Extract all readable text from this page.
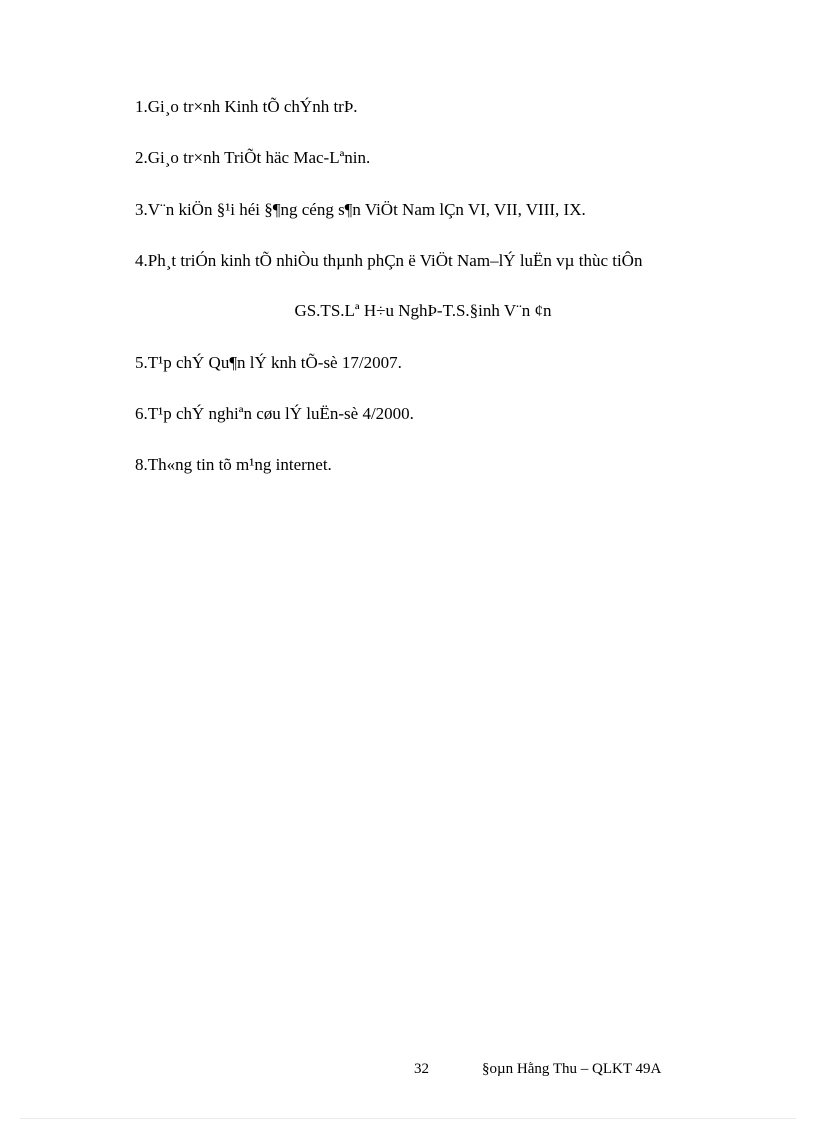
1.Gi¸o tr×nh Kinh tÕ chÝnh trÞ.
2.Gi¸o tr×nh TriÕt häc Mac-Lªnin.
3.V¨n kiÖn §¹i héi §¶ng céng s¶n ViÖt Nam lÇn VI, VII, VIII, IX.
4.Ph¸t triÓn kinh tÕ nhiÒu thµnh phÇn ë ViÖt Nam–lÝ luËn vµ thùc tiÔn
GS.TS.Lª H÷u NghÞ-T.S.§inh V¨n ¢n
5.T¹p chÝ Qu¶n lÝ knh tÕ-sè 17/2007.
6.T¹p chÝ nghiªn cøu lÝ luËn-sè 4/2000.
8.Th«ng tin tõ m¹ng internet.
32	§oµn Hằng Thu – QLKT 49A
